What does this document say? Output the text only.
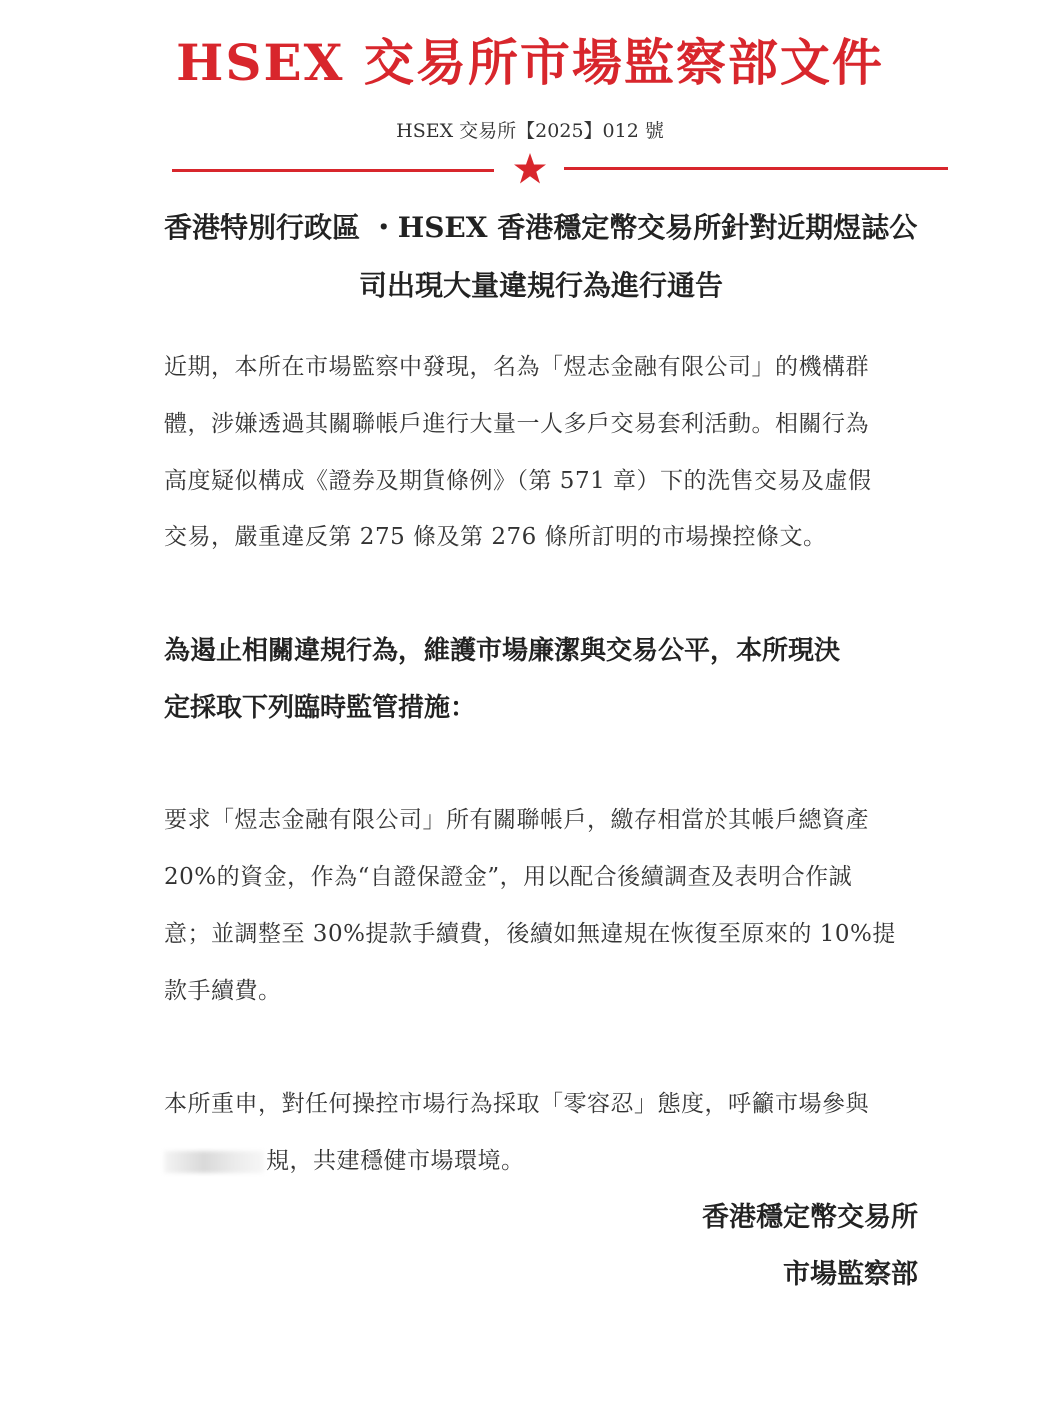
HSEX 交易所市場監察部文件
HSEX 交易所【2025】012 號
香港特別行政區 ・HSEX 香港穩定幣交易所針對近期煜誌公
司出現大量違規行為進行通告
近期，本所在市場監察中發現，名為「煜志金融有限公司」的機構群
體，涉嫌透過其關聯帳戶進行大量一人多戶交易套利活動。相關行為
高度疑似構成《證券及期貨條例》（第 571 章）下的洗售交易及虛假
交易，嚴重違反第 275 條及第 276 條所訂明的市場操控條文。
為遏止相關違規行為，維護市場廉潔與交易公平，本所現決
定採取下列臨時監管措施：
要求「煜志金融有限公司」所有關聯帳戶，繳存相當於其帳戶總資產
20%的資金，作為“自證保證金”，用以配合後續調查及表明合作誠
意；並調整至 30%提款手續費，後續如無違規在恢復至原來的 10%提
款手續費。
本所重申，對任何操控市場行為採取「零容忍」態度，呼籲市場參與
規，共建穩健市場環境。
香港穩定幣交易所
市場監察部
